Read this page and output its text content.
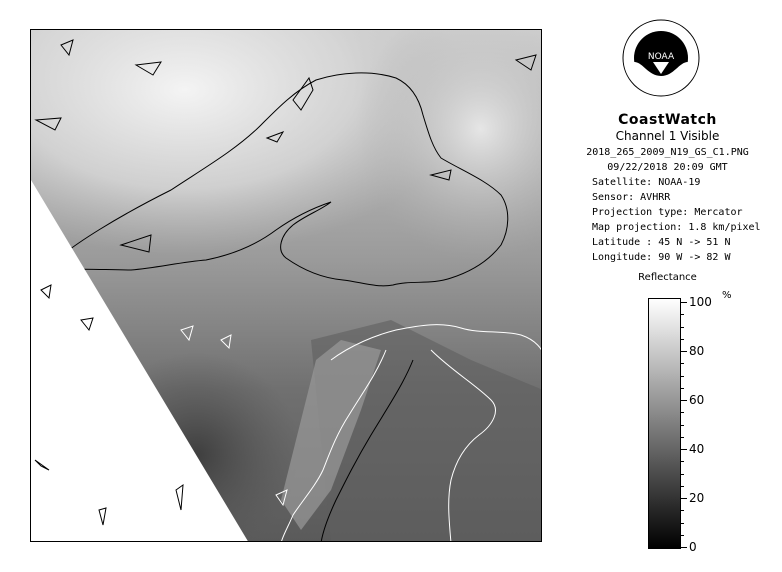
NOAA
CoastWatch
Channel 1 Visible
2018_265_2009_N19_GS_C1.PNG
09/22/2018 20:09 GMT
Satellite: NOAA-19
Sensor: AVHRR
Projection type: Mercator
Map projection: 1.8 km/pixel
Latitude : 45 N -> 51 N
Longitude: 90 W -> 82 W
Reflectance
%
100
80
60
40
20
0
